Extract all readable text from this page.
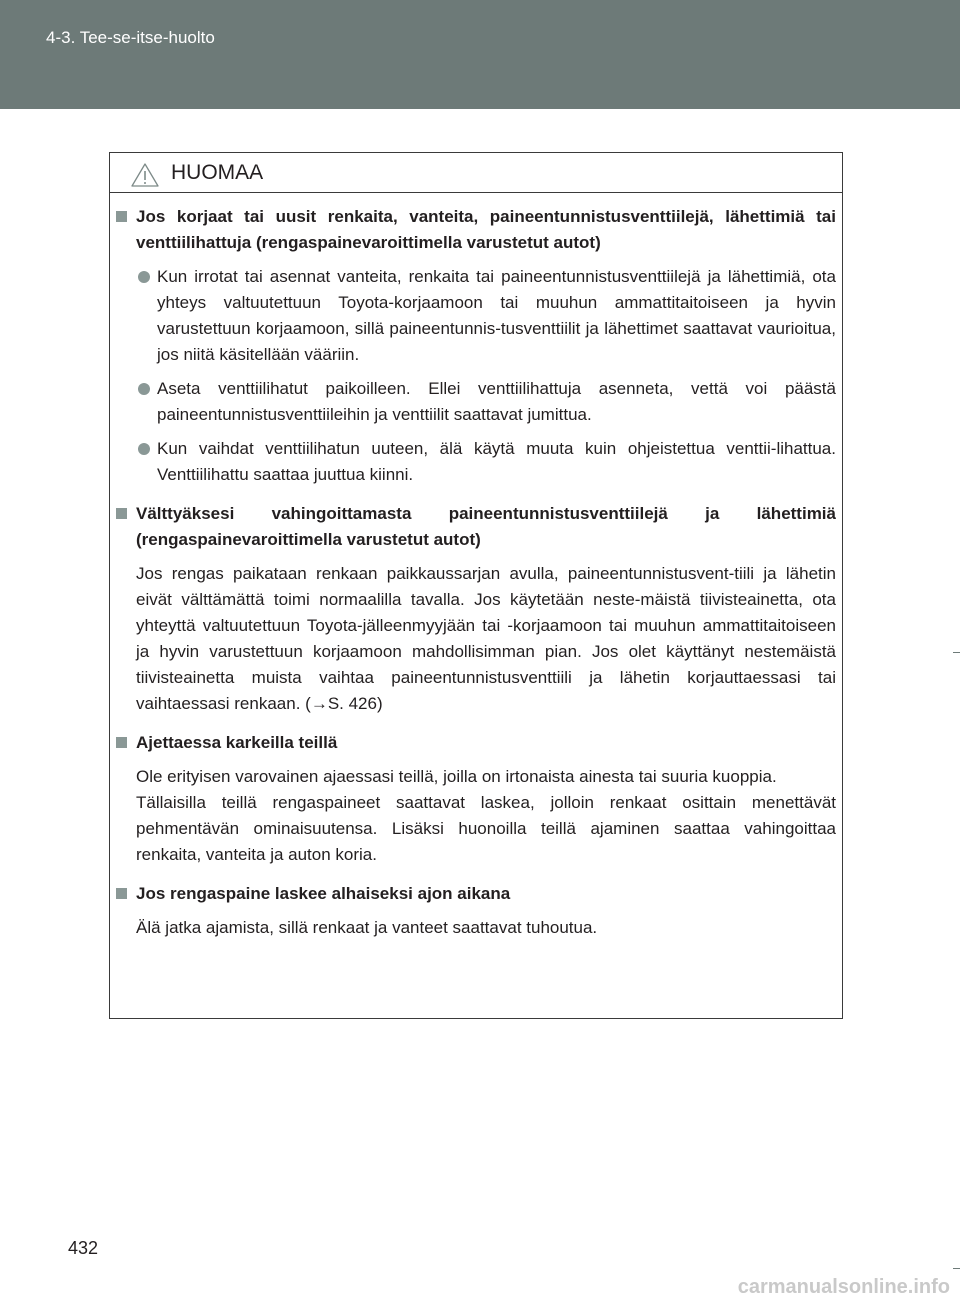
4-3. Tee-se-itse-huolto
HUOMAA
Jos korjaat tai uusit renkaita, vanteita, paineentunnistusventtiilejä, lähettimiä tai venttiilihattuja (rengaspainevaroittimella varustetut autot)
Kun irrotat tai asennat vanteita, renkaita tai paineentunnistusventtiilejä ja lähettimiä, ota yhteys valtuutettuun Toyota-korjaamoon tai muuhun ammattitaitoiseen ja hyvin varustettuun korjaamoon, sillä paineentunnis-tusventtiilit ja lähettimet saattavat vaurioitua, jos niitä käsitellään vääriin.
Aseta venttiilihatut paikoilleen. Ellei venttiilihattuja asenneta, vettä voi päästä paineentunnistusventtiileihin ja venttiilit saattavat jumittua.
Kun vaihdat venttiilihatun uuteen, älä käytä muuta kuin ohjeistettua venttii-lihattua. Venttiilihattu saattaa juuttua kiinni.
Välttyäksesi vahingoittamasta paineentunnistusventtiilejä ja lähettimiä (rengaspainevaroittimella varustetut autot)
Jos rengas paikataan renkaan paikkaussarjan avulla, paineentunnistusvent-tiili ja lähetin eivät välttämättä toimi normaalilla tavalla. Jos käytetään neste-mäistä tiivisteainetta, ota yhteyttä valtuutettuun Toyota-jälleenmyyjään tai -korjaamoon tai muuhun ammattitaitoiseen ja hyvin varustettuun korjaamoon mahdollisimman pian. Jos olet käyttänyt nestemäistä tiivisteainetta muista vaihtaa paineentunnistusventtiili ja lähetin korjauttaessasi tai vaihtaessasi renkaan. (→S. 426)
Ajettaessa karkeilla teillä
Ole erityisen varovainen ajaessasi teillä, joilla on irtonaista ainesta tai suuria kuoppia.
Tällaisilla teillä rengaspaineet saattavat laskea, jolloin renkaat osittain menettävät pehmentävän ominaisuutensa. Lisäksi huonoilla teillä ajaminen saattaa vahingoittaa renkaita, vanteita ja auton koria.
Jos rengaspaine laskee alhaiseksi ajon aikana
Älä jatka ajamista, sillä renkaat ja vanteet saattavat tuhoutua.
432
carmanualsonline.info
